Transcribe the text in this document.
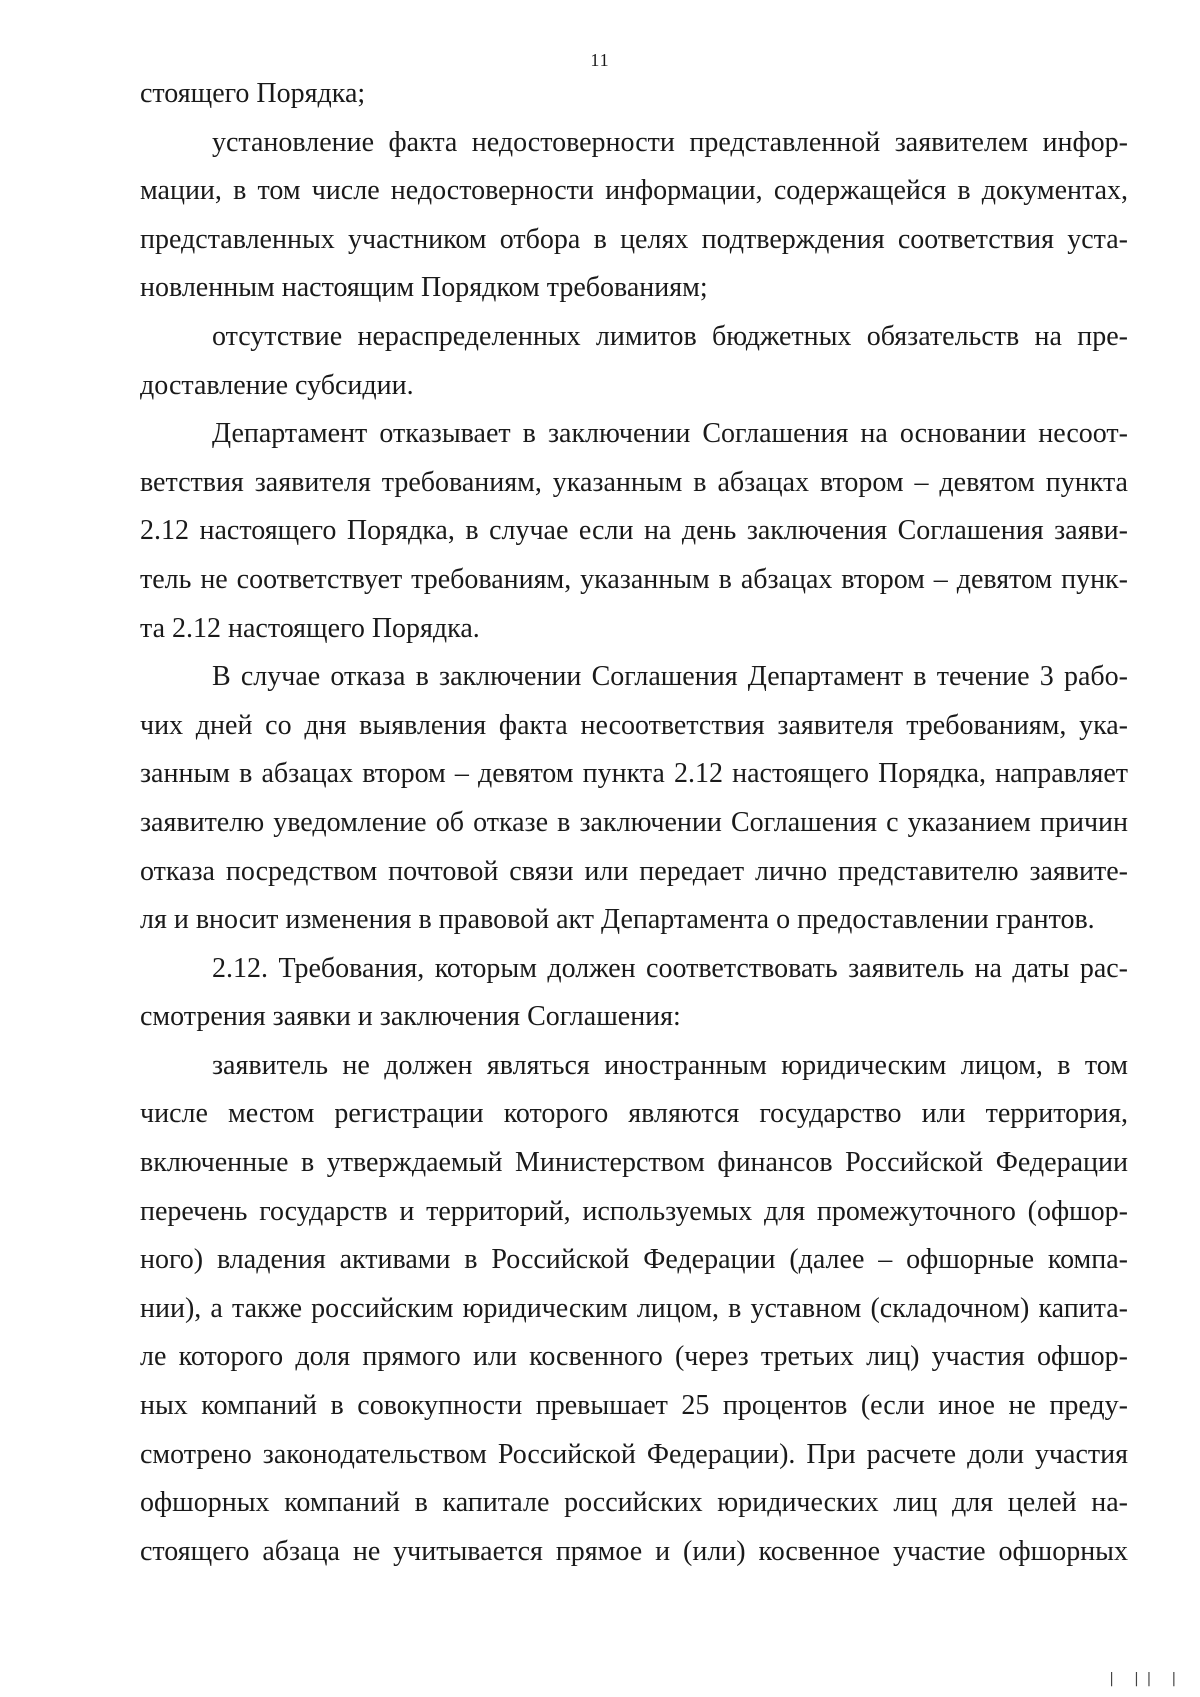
11
стоящего Порядка;
установление факта недостоверности представленной заявителем инфор-
мации, в том числе недостоверности информации, содержащейся в документах,
представленных участником отбора в целях подтверждения соответствия уста-
новленным настоящим Порядком требованиям;
отсутствие нераспределенных лимитов бюджетных обязательств на пре-
доставление субсидии.
Департамент отказывает в заключении Соглашения на основании несоот-
ветствия заявителя требованиям, указанным в абзацах втором – девятом пункта
2.12 настоящего Порядка, в случае если на день заключения Соглашения заяви-
тель не соответствует требованиям, указанным в абзацах втором – девятом пунк-
та 2.12 настоящего Порядка.
В случае отказа в заключении Соглашения Департамент в течение 3 рабо-
чих дней со дня выявления факта несоответствия заявителя требованиям, ука-
занным в абзацах втором – девятом пункта 2.12 настоящего Порядка, направляет
заявителю уведомление об отказе в заключении Соглашения с указанием причин
отказа посредством почтовой связи или передает лично представителю заявите-
ля и вносит изменения в правовой акт Департамента о предоставлении грантов.
2.12. Требования, которым должен соответствовать заявитель на даты рас-
смотрения заявки и заключения Соглашения:
заявитель не должен являться иностранным юридическим лицом, в том
числе местом регистрации которого являются государство или территория,
включенные в утверждаемый Министерством финансов Российской Федерации
перечень государств и территорий, используемых для промежуточного (офшор-
ного) владения активами в Российской Федерации (далее – офшорные компа-
нии), а также российским юридическим лицом, в уставном (складочном) капита-
ле которого доля прямого или косвенного (через третьих лиц) участия офшор-
ных компаний в совокупности превышает 25 процентов (если иное не преду-
смотрено законодательством Российской Федерации). При расчете доли участия
офшорных компаний в капитале российских юридических лиц для целей на-
стоящего абзаца не учитывается прямое и (или) косвенное участие офшорных
| || |
